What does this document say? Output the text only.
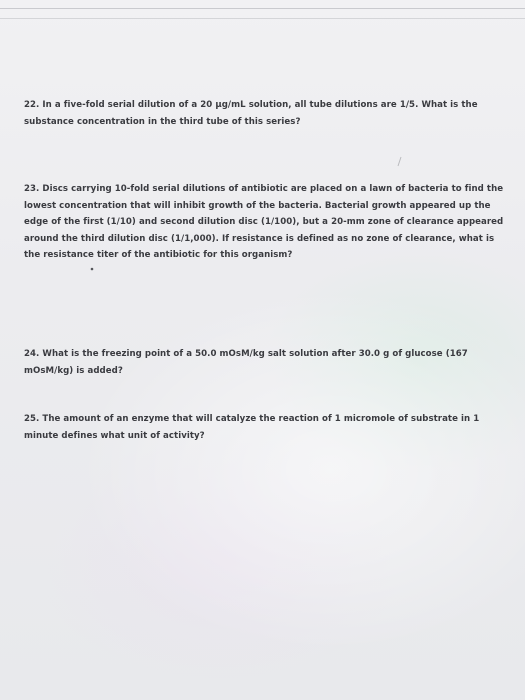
22. In a five-fold serial dilution of a 20 µg/mL solution, all tube dilutions are 1/5. What is the substance concentration in the third tube of this series?

23. Discs carrying 10-fold serial dilutions of antibiotic are placed on a lawn of bacteria to find the lowest concentration that will inhibit growth of the bacteria. Bacterial growth appeared up the edge of the first (1/10) and second dilution disc (1/100), but a 20-mm zone of clearance appeared around the third dilution disc (1/1,000). If resistance is defined as no zone of clearance, what is the resistance titer of the antibiotic for this organism?

24. What is the freezing point of a 50.0 mOsM/kg salt solution after 30.0 g of glucose (167 mOsM/kg) is added?

25. The amount of an enzyme that will catalyze the reaction of 1 micromole of substrate in 1 minute defines what unit of activity?
